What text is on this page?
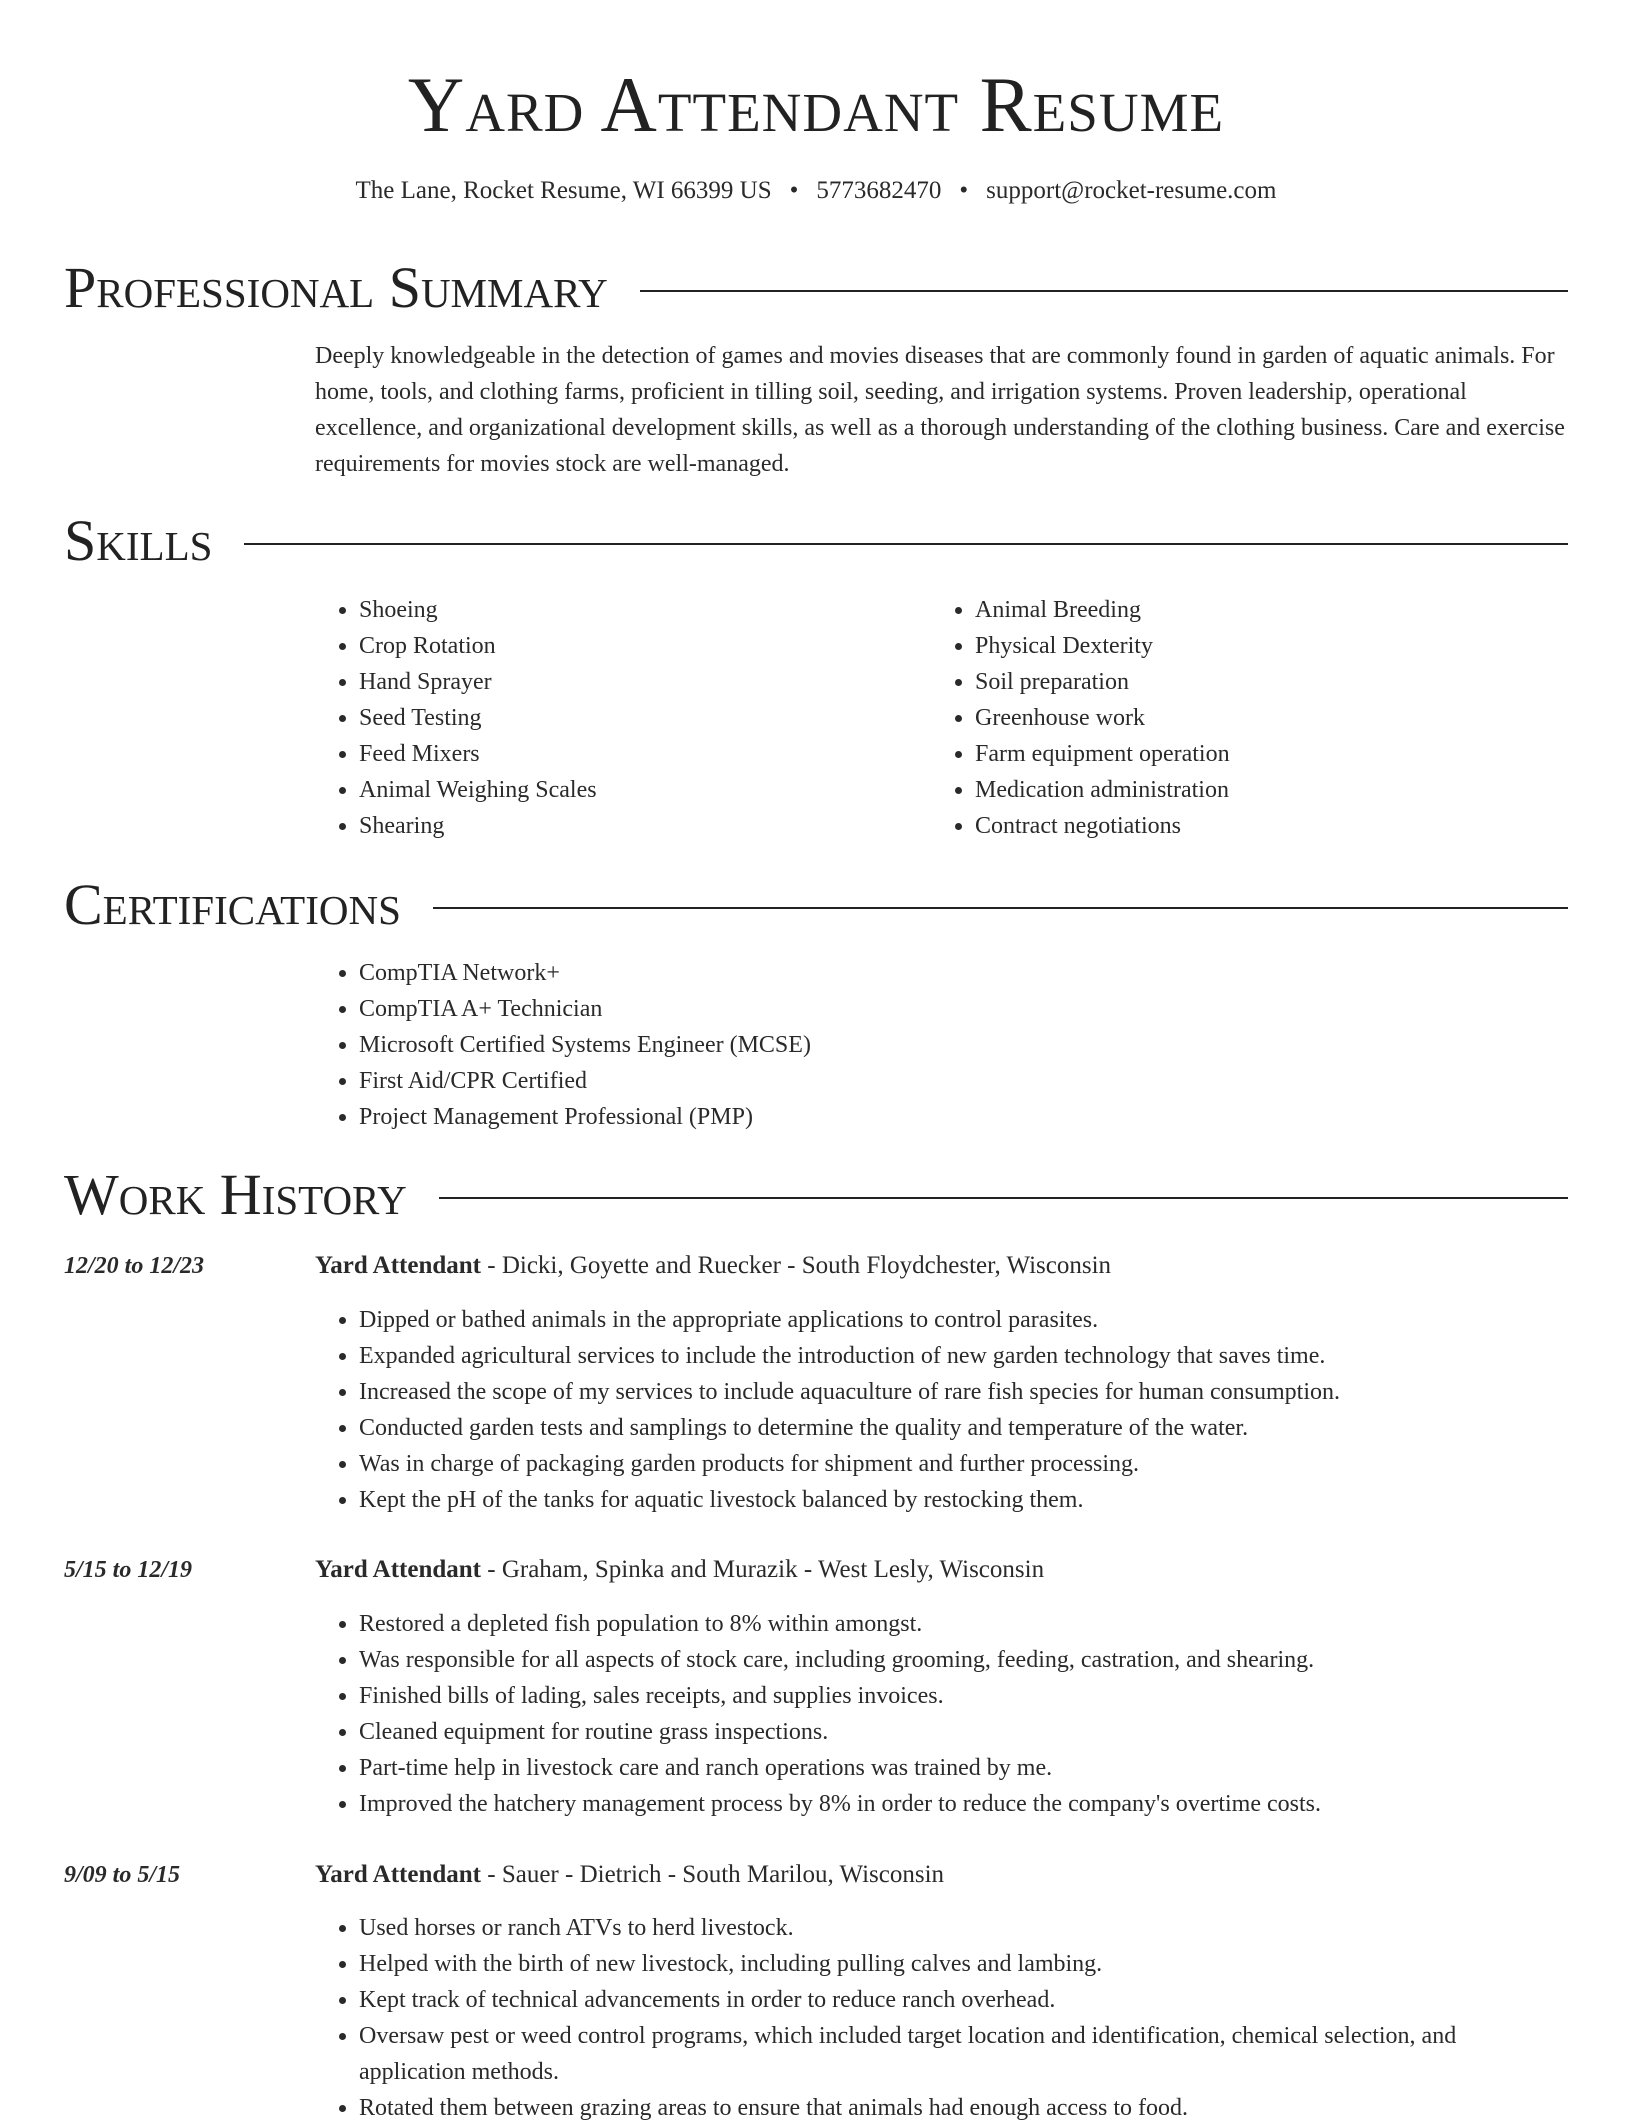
Yard Attendant Resume
The Lane, Rocket Resume, WI 66399 US • 5773682470 • support@rocket-resume.com
Professional Summary
Deeply knowledgeable in the detection of games and movies diseases that are commonly found in garden of aquatic animals. For home, tools, and clothing farms, proficient in tilling soil, seeding, and irrigation systems. Proven leadership, operational excellence, and organizational development skills, as well as a thorough understanding of the clothing business. Care and exercise requirements for movies stock are well-managed.
Skills
• Shoeing
• Crop Rotation
• Hand Sprayer
• Seed Testing
• Feed Mixers
• Animal Weighing Scales
• Shearing
• Animal Breeding
• Physical Dexterity
• Soil preparation
• Greenhouse work
• Farm equipment operation
• Medication administration
• Contract negotiations
Certifications
• CompTIA Network+
• CompTIA A+ Technician
• Microsoft Certified Systems Engineer (MCSE)
• First Aid/CPR Certified
• Project Management Professional (PMP)
Work History
12/20 to 12/23	Yard Attendant - Dicki, Goyette and Ruecker - South Floydchester, Wisconsin
• Dipped or bathed animals in the appropriate applications to control parasites.
• Expanded agricultural services to include the introduction of new garden technology that saves time.
• Increased the scope of my services to include aquaculture of rare fish species for human consumption.
• Conducted garden tests and samplings to determine the quality and temperature of the water.
• Was in charge of packaging garden products for shipment and further processing.
• Kept the pH of the tanks for aquatic livestock balanced by restocking them.
5/15 to 12/19	Yard Attendant - Graham, Spinka and Murazik - West Lesly, Wisconsin
• Restored a depleted fish population to 8% within amongst.
• Was responsible for all aspects of stock care, including grooming, feeding, castration, and shearing.
• Finished bills of lading, sales receipts, and supplies invoices.
• Cleaned equipment for routine grass inspections.
• Part-time help in livestock care and ranch operations was trained by me.
• Improved the hatchery management process by 8% in order to reduce the company's overtime costs.
9/09 to 5/15	Yard Attendant - Sauer - Dietrich - South Marilou, Wisconsin
• Used horses or ranch ATVs to herd livestock.
• Helped with the birth of new livestock, including pulling calves and lambing.
• Kept track of technical advancements in order to reduce ranch overhead.
• Oversaw pest or weed control programs, which included target location and identification, chemical selection, and application methods.
• Rotated them between grazing areas to ensure that animals had enough access to food.
